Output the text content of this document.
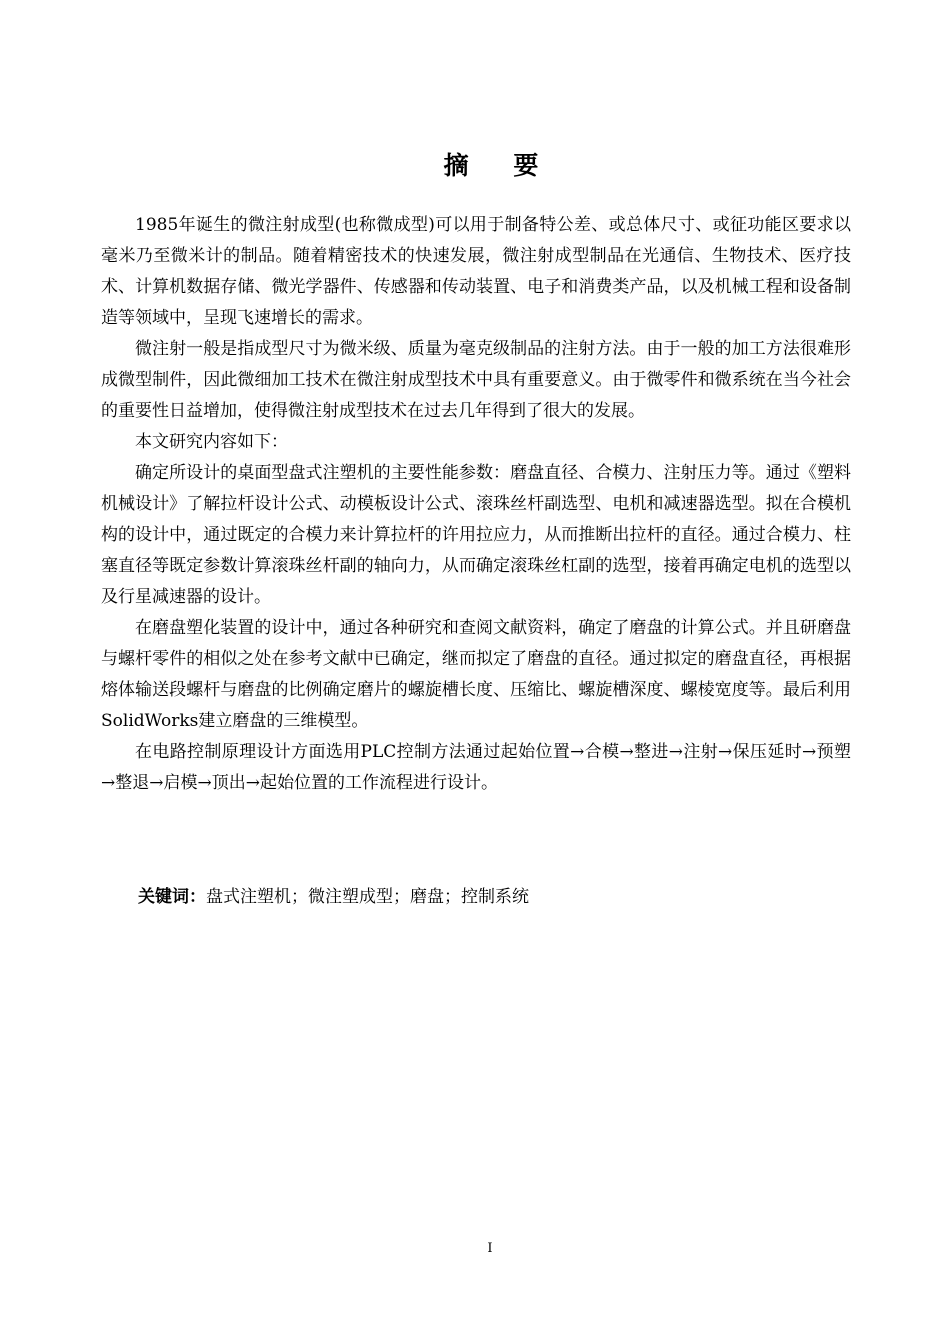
摘 要

1985年诞生的微注射成型(也称微成型)可以用于制备特公差、或总体尺寸、或征功能区要求以毫米乃至微米计的制品。随着精密技术的快速发展，微注射成型制品在光通信、生物技术、医疗技术、计算机数据存储、微光学器件、传感器和传动装置、电子和消费类产品，以及机械工程和设备制造等领域中，呈现飞速增长的需求。

微注射一般是指成型尺寸为微米级、质量为毫克级制品的注射方法。由于一般的加工方法很难形成微型制件，因此微细加工技术在微注射成型技术中具有重要意义。由于微零件和微系统在当今社会的重要性日益增加，使得微注射成型技术在过去几年得到了很大的发展。

本文研究内容如下：

确定所设计的桌面型盘式注塑机的主要性能参数：磨盘直径、合模力、注射压力等。通过《塑料机械设计》了解拉杆设计公式、动模板设计公式、滚珠丝杆副选型、电机和减速器选型。拟在合模机构的设计中，通过既定的合模力来计算拉杆的许用拉应力，从而推断出拉杆的直径。通过合模力、柱塞直径等既定参数计算滚珠丝杆副的轴向力，从而确定滚珠丝杠副的选型，接着再确定电机的选型以及行星减速器的设计。

在磨盘塑化装置的设计中，通过各种研究和查阅文献资料，确定了磨盘的计算公式。并且研磨盘与螺杆零件的相似之处在参考文献中已确定，继而拟定了磨盘的直径。通过拟定的磨盘直径，再根据熔体输送段螺杆与磨盘的比例确定磨片的螺旋槽长度、压缩比、螺旋槽深度、螺棱宽度等。最后利用SolidWorks建立磨盘的三维模型。

在电路控制原理设计方面选用PLC控制方法通过起始位置→合模→整进→注射→保压延时→预塑→整退→启模→顶出→起始位置的工作流程进行设计。

关键词：盘式注塑机；微注塑成型；磨盘；控制系统
I
